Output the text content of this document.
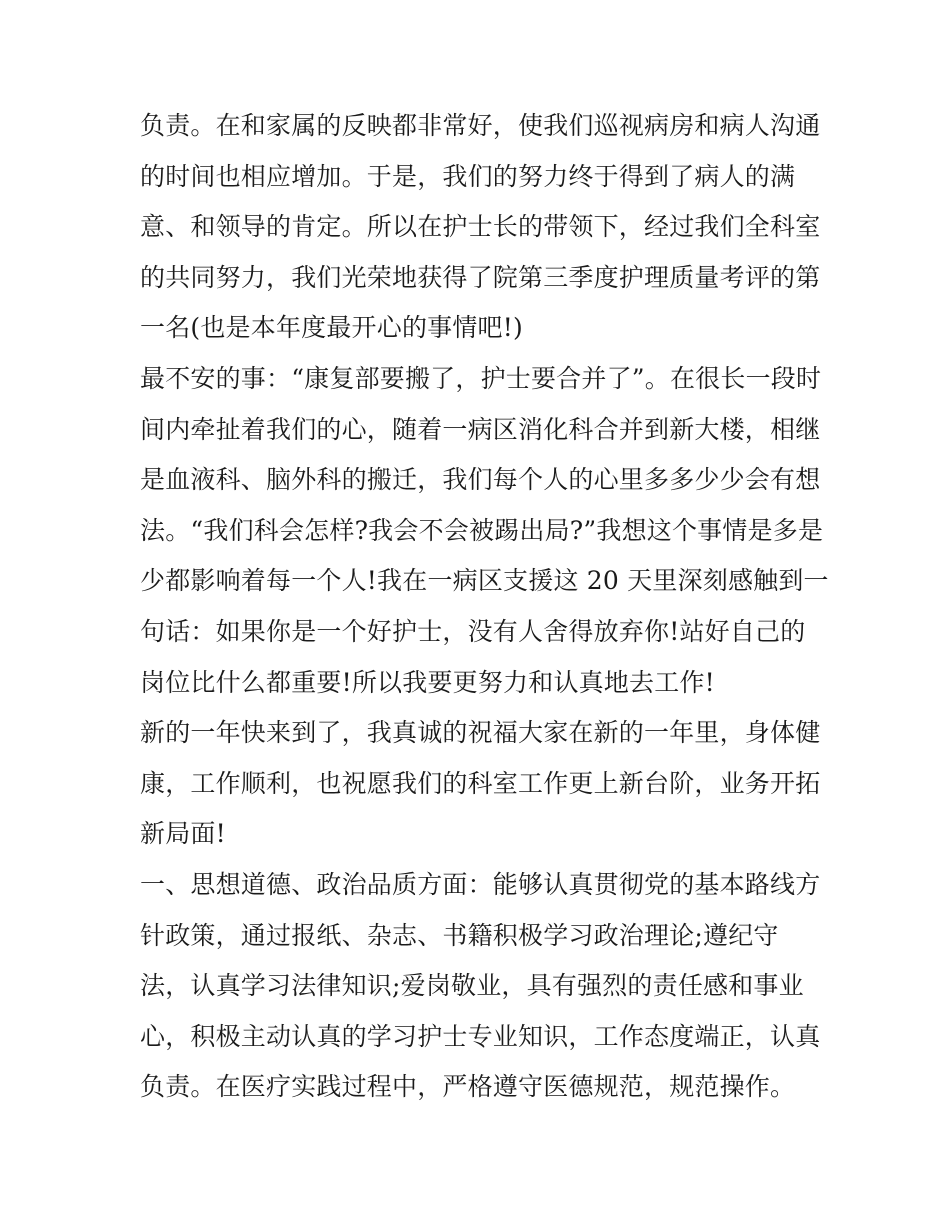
负责。在和家属的反映都非常好，使我们巡视病房和病人沟通
的时间也相应增加。于是，我们的努力终于得到了病人的满
意、和领导的肯定。所以在护士长的带领下，经过我们全科室
的共同努力，我们光荣地获得了院第三季度护理质量考评的第
一名(也是本年度最开心的事情吧!)
最不安的事：“康复部要搬了，护士要合并了”。在很长一段时
间内牵扯着我们的心，随着一病区消化科合并到新大楼，相继
是血液科、脑外科的搬迁，我们每个人的心里多多少少会有想
法。“我们科会怎样?我会不会被踢出局?”我想这个事情是多是
少都影响着每一个人!我在一病区支援这 20 天里深刻感触到一
句话：如果你是一个好护士，没有人舍得放弃你!站好自己的
岗位比什么都重要!所以我要更努力和认真地去工作!
新的一年快来到了，我真诚的祝福大家在新的一年里，身体健
康，工作顺利，也祝愿我们的科室工作更上新台阶，业务开拓
新局面!
一、思想道德、政治品质方面：能够认真贯彻党的基本路线方
针政策，通过报纸、杂志、书籍积极学习政治理论;遵纪守
法，认真学习法律知识;爱岗敬业，具有强烈的责任感和事业
心，积极主动认真的学习护士专业知识，工作态度端正，认真
负责。在医疗实践过程中，严格遵守医德规范，规范操作。
